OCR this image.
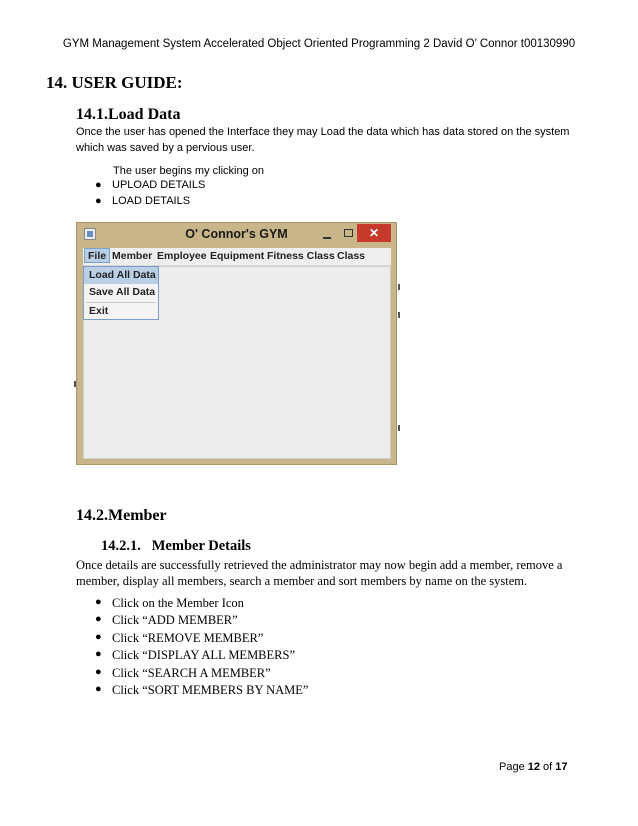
GYM Management System Accelerated Object Oriented Programming 2 David O’ Connor t00130990
14. USER GUIDE:
14.1.Load Data
Once the user has opened the Interface they may Load the data which has data stored on the system
which was saved by a pervious user.
The user begins my clicking on
● UPLOAD DETAILS
● LOAD DETAILS
O' Connor's GYM	✕
File Member Employee Equipment Fitness Class Class
Load All Data
Save All Data
Exit
14.2.Member
14.2.1.   Member Details
Once details are successfully retrieved the administrator may now begin add a member, remove a
member, display all members, search a member and sort members by name on the system.
● Click on the Member Icon
● Click “ADD MEMBER”
● Click “REMOVE MEMBER”
● Click “DISPLAY ALL MEMBERS”
● Click “SEARCH A MEMBER”
● Click “SORT MEMBERS BY NAME”
Page 12 of 17
